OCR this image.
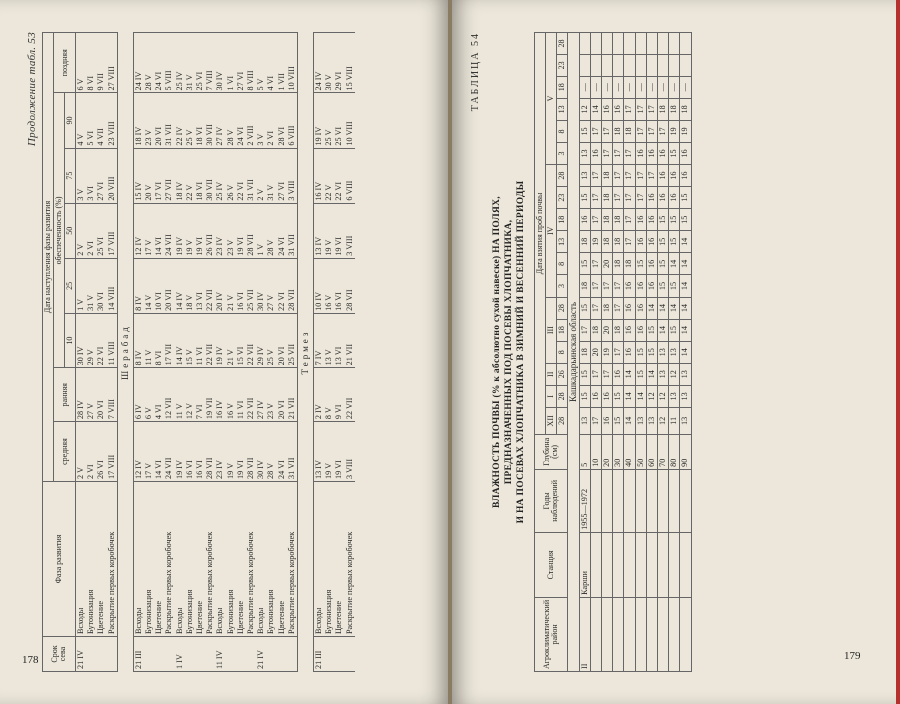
178
Продолжение табл. 53
Срок сева	Фаза развития	Дата наступления фазы развития							
		средняя	ранняя	обеспеченность (%)					поздняя
				10	25	50	75	90	
21 IV	Всходы	2 V	28 IV	30 IV	1 V	2 V	3 V	4 V	6 V
	Бутонизация	2 VI	27 V	29 V	31 V	2 VI	3 VI	5 VI	8 VI
	Цветение	26 VI	20 VI	22 VI	30 VI	25 VI	27 VI	4 VII	9 VII
	Раскрытие первых коробочек	17 VIII	7 VIII	11 VIII	14 VIII	17 VIII	20 VIII	23 VIII	27 VIII
Шерабад									
21 III	Всходы	12 IV	6 IV	8 IV	8 IV	12 IV	15 IV	18 IV	24 IV
	Бутонизация	17 V	6 V	11 V	14 V	17 V	20 V	23 V	28 V
	Цветение	14 VI	4 VI	8 VI	10 VI	14 VI	17 VI	20 VI	24 VI
	Раскрытие первых коробочек	24 VII	12 VII	17 VII	20 VII	24 VII	27 VII	31 VII	5 VIII
1 IV	Всходы	19 IV	11 V	14 IV	14 IV	19 IV	18 IV	22 IV	25 IV
	Бутонизация	16 VI	12 V	15 V	18 V	19 V	22 V	25 V	31 V
	Цветение	16 VI	7 VI	11 VI	13 VI	19 VI	18 VI	18 VI	25 VI
	Раскрытие первых коробочек	28 VII	19 VII	22 VII	22 VII	26 VII	30 VII	30 VII	7 VIII
11 IV	Всходы	23 IV	16 IV	19 IV	20 IV	23 IV	25 IV	27 IV	30 IV
	Бутонизация	19 V	16 V	21 V	21 V	23 V	26 V	28 V	1 VI
	Цветение	19 VI	11 VI	15 VI	16 VI	19 VI	22 VI	24 VI	27 VI
	Раскрытие первых коробочек	28 VII	22 VII	22 VII	25 VII	28 VII	31 VII	2 VIII	8 VIII
21 IV	Всходы	30 IV	27 IV	29 IV	30 IV	1 V	2 V	3 V	5 V
	Бутонизация	28 V	23 V	25 V	27 V	28 V	31 V	2 VI	4 VI
	Цветение	24 VI	20 VI	20 VI	22 VI	24 VI	27 VI	28 VI	1 VII
	Раскрытие первых коробочек	31 VII	21 VII	25 VII	28 VII	31 VII	3 VIII	6 VIII	10 VIII
Термез									
21 III	Всходы	13 IV	2 IV	7 IV	10 IV	13 IV	16 IV	19 IV	24 IV
	Бутонизация	19 V	8 V	13 V	16 V	19 V	22 V	25 V	30 V
	Цветение	19 VI	9 VI	13 VI	16 VI	19 VI	22 VI	25 VI	29 VI
	Раскрытие первых коробочек	3 VIII	22 VII	21 VII	28 VII	3 VIII	6 VIII	10 VIII	15 VIII
179
ТАБЛИЦА 54
ВЛАЖНОСТЬ ПОЧВЫ (% к абсолютно сухой навеске) НА ПОЛЯХ, ПРЕДНАЗНАЧЕННЫХ ПОД ПОСЕВЫ ХЛОПЧАТНИКА, И НА ПОСЕВАХ ХЛОПЧАТНИКА В ЗИМНИЙ И ВЕСЕННИЙ ПЕРИОДЫ
Агроклиматический район	Станция	Годы наблюдений	Глубина (см)	Дата взятия проб почвы																	
				XII	I	II	III			IV						V					
				28	28	26	8	18	28	3	8	13	18	23	28	3	8	13	18	23	28
Кашкадарьинская область																					
II	Карши	1955—1972	5	13	15	15	18	17	15	18	15	18	16	15	13	13	15	12	—		
			10	17	16	17	20	18	17	17	17	19	17	17	17	16	17	14	—		
			20	16	16	17	19	20	18	17	20	18	18	18	18	17	17	16	—		
			30	15	15	16	17	18	17	17	18	18	18	17	17	17	18	16	—		
			40	14	14	14	16	16	16	16	18	17	17	17	17	17	18	17	—		
			50	13	14	15	15	16	16	16	15	16	16	17	17	16	17	17	—		
			60	13	12	14	15	15	14	16	16	16	16	16	17	16	17	17	—		
			70	12	12	13	13	14	14	15	15	15	15	16	16	16	17	18	—		
			80	11	13	12	13	15	14	15	14	15	15	16	16	15	19	18	—		
			90	13	13	13	14	14	14	14	14	14	15	15	16	16	19	18	—		
